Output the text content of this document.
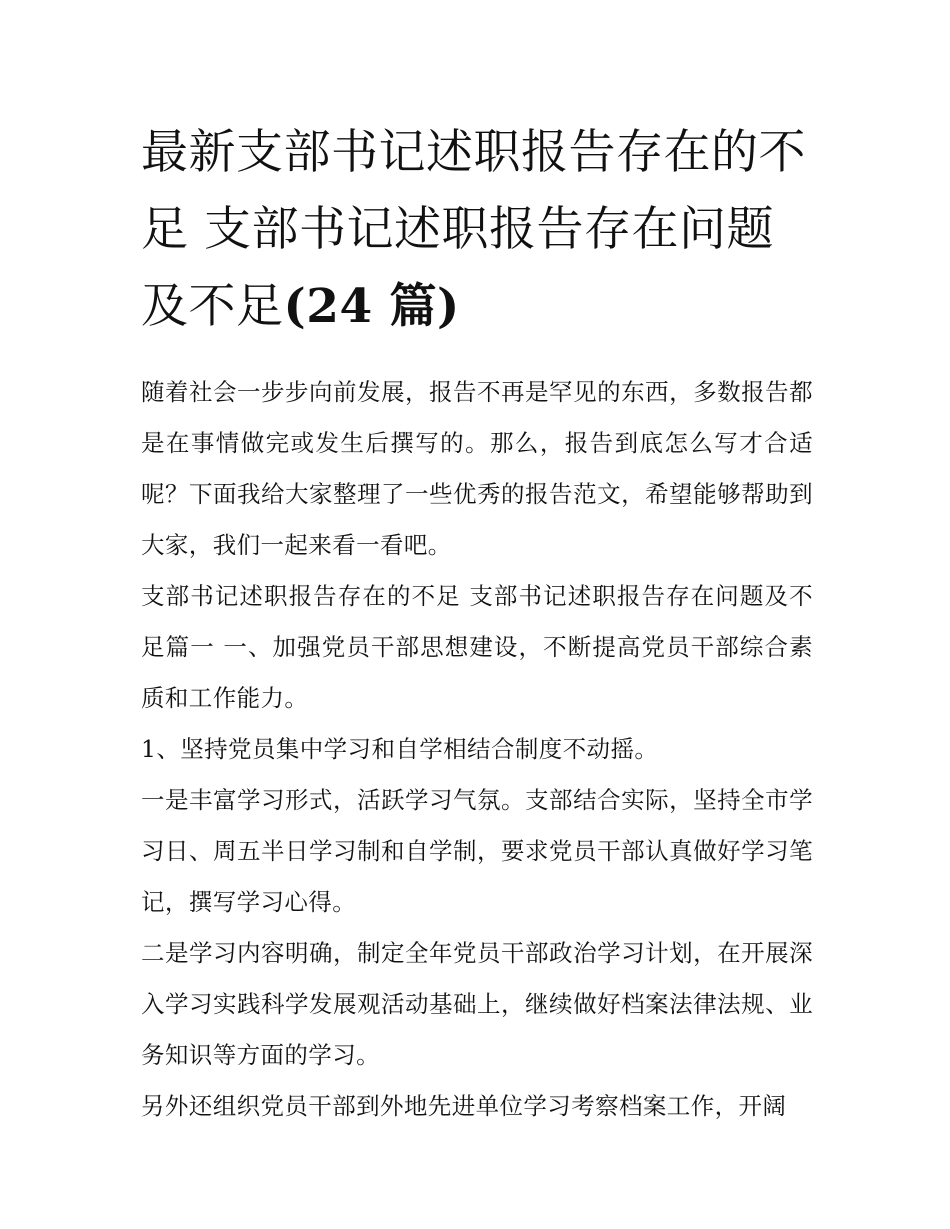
最新支部书记述职报告存在的不足 支部书记述职报告存在问题及不足(24 篇)

随着社会一步步向前发展，报告不再是罕见的东西，多数报告都是在事情做完或发生后撰写的。那么，报告到底怎么写才合适呢？下面我给大家整理了一些优秀的报告范文，希望能够帮助到大家，我们一起来看一看吧。

支部书记述职报告存在的不足 支部书记述职报告存在问题及不足篇一 一、加强党员干部思想建设，不断提高党员干部综合素质和工作能力。

1、坚持党员集中学习和自学相结合制度不动摇。

一是丰富学习形式，活跃学习气氛。支部结合实际，坚持全市学习日、周五半日学习制和自学制，要求党员干部认真做好学习笔记，撰写学习心得。

二是学习内容明确，制定全年党员干部政治学习计划，在开展深入学习实践科学发展观活动基础上，继续做好档案法律法规、业务知识等方面的学习。

另外还组织党员干部到外地先进单位学习考察档案工作，开阔
